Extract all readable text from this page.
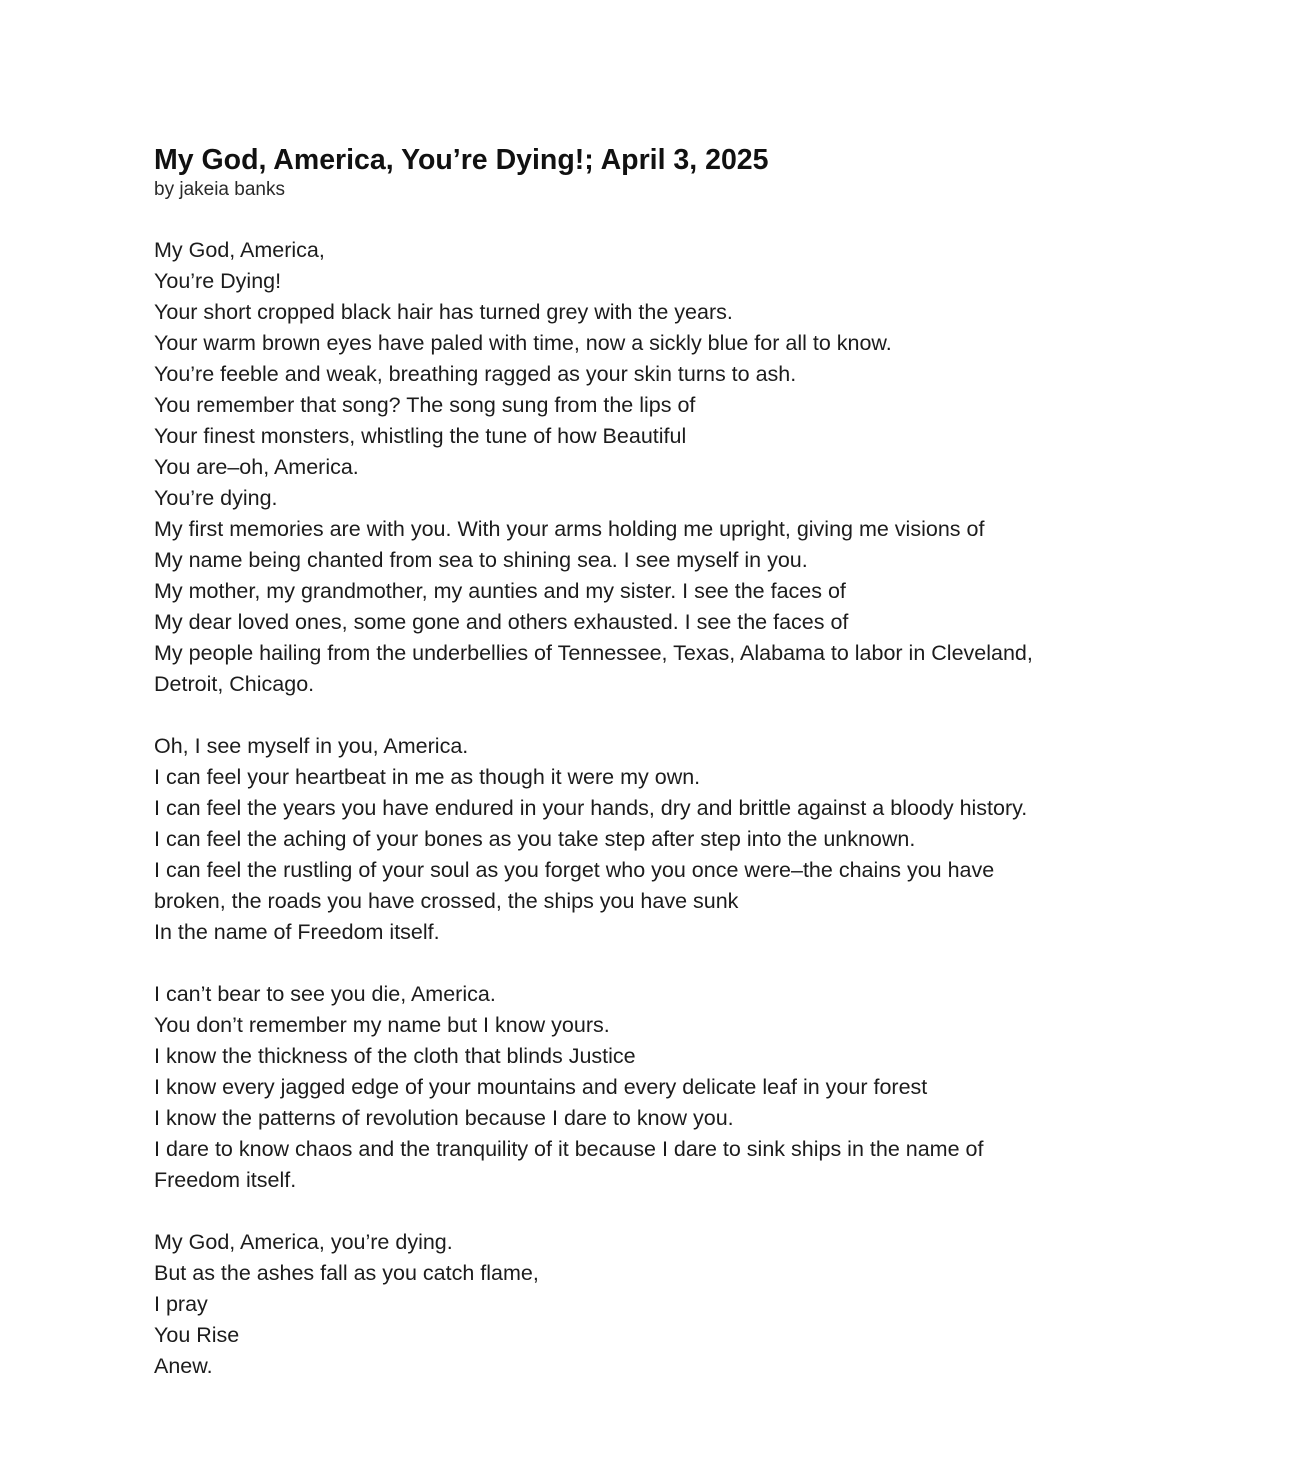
My God, America, You’re Dying!; April 3, 2025

by jakeia banks

My God, America,
You’re Dying!
Your short cropped black hair has turned grey with the years.
Your warm brown eyes have paled with time, now a sickly blue for all to know.
You’re feeble and weak, breathing ragged as your skin turns to ash.
You remember that song? The song sung from the lips of
Your finest monsters, whistling the tune of how Beautiful
You are–oh, America.
You’re dying.
My first memories are with you. With your arms holding me upright, giving me visions of
My name being chanted from sea to shining sea. I see myself in you.
My mother, my grandmother, my aunties and my sister. I see the faces of
My dear loved ones, some gone and others exhausted. I see the faces of
My people hailing from the underbellies of Tennessee, Texas, Alabama to labor in Cleveland,
Detroit, Chicago.
Oh, I see myself in you, America.
I can feel your heartbeat in me as though it were my own.
I can feel the years you have endured in your hands, dry and brittle against a bloody history.
I can feel the aching of your bones as you take step after step into the unknown.
I can feel the rustling of your soul as you forget who you once were–the chains you have
broken, the roads you have crossed, the ships you have sunk
In the name of Freedom itself.
I can’t bear to see you die, America.
You don’t remember my name but I know yours.
I know the thickness of the cloth that blinds Justice
I know every jagged edge of your mountains and every delicate leaf in your forest
I know the patterns of revolution because I dare to know you.
I dare to know chaos and the tranquility of it because I dare to sink ships in the name of
Freedom itself.
My God, America, you’re dying.
But as the ashes fall as you catch flame,
I pray
You Rise
Anew.
